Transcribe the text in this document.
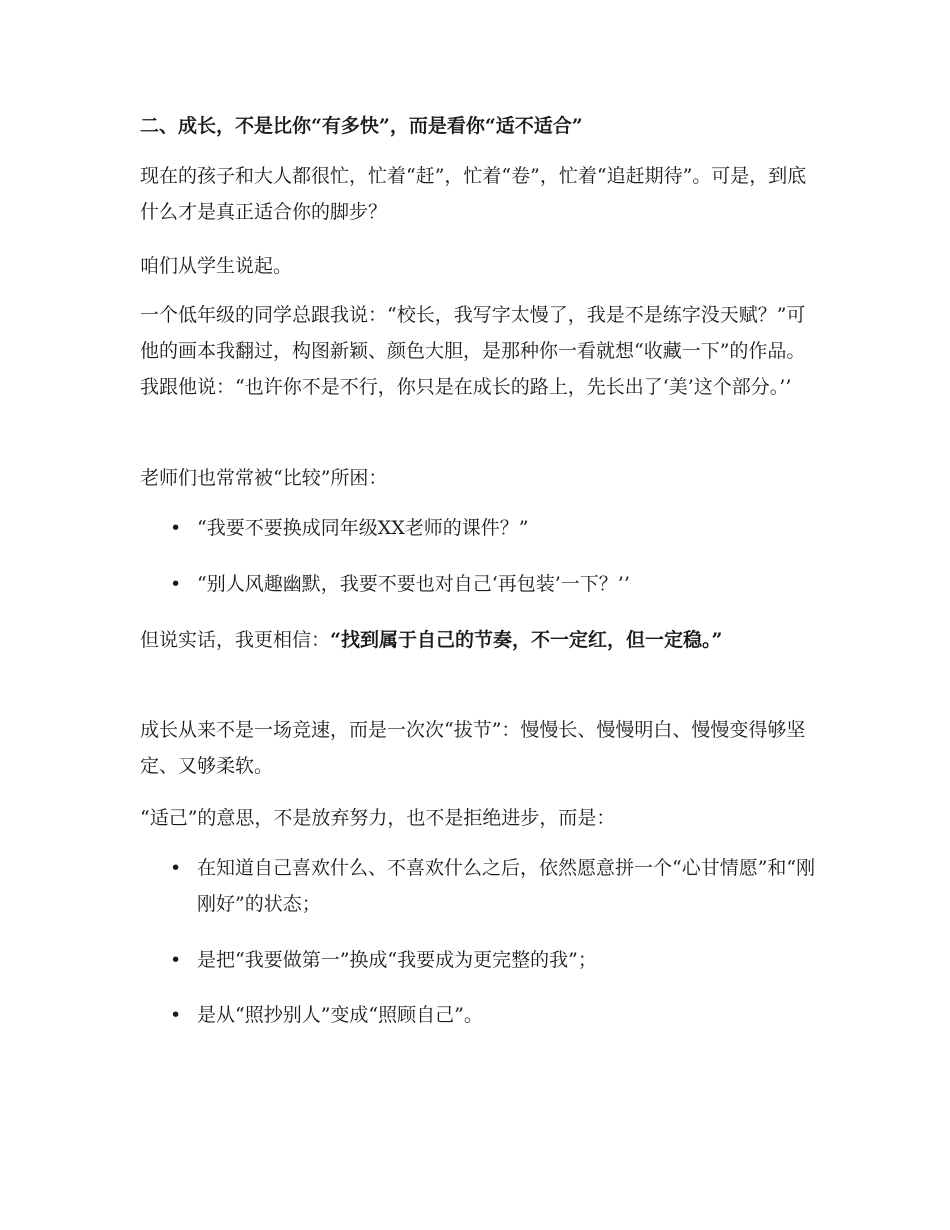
二、成长，不是比你“有多快”，而是看你“适不适合”

现在的孩子和大人都很忙，忙着“赶”，忙着“卷”，忙着“追赶期待”。可是，到底什么才是真正适合你的脚步？

咱们从学生说起。

一个低年级的同学总跟我说：“校长，我写字太慢了，我是不是练字没天赋？”可他的画本我翻过，构图新颖、颜色大胆，是那种你一看就想“收藏一下”的作品。我跟他说：“也许你不是不行，你只是在成长的路上，先长出了‘美’这个部分。’’

老师们也常常被“比较”所困：

• “我要不要换成同年级XX老师的课件？”
• “别人风趣幽默，我要不要也对自己‘再包装’一下？’’

但说实话，我更相信：“找到属于自己的节奏，不一定红，但一定稳。”

成长从来不是一场竞速，而是一次次“拔节”：慢慢长、慢慢明白、慢慢变得够坚定、又够柔软。

“适己”的意思，不是放弃努力，也不是拒绝进步，而是：

• 在知道自己喜欢什么、不喜欢什么之后，依然愿意拼一个“心甘情愿”和“刚刚好”的状态；
• 是把“我要做第一”换成“我要成为更完整的我”；
• 是从“照抄别人”变成“照顾自己”。
